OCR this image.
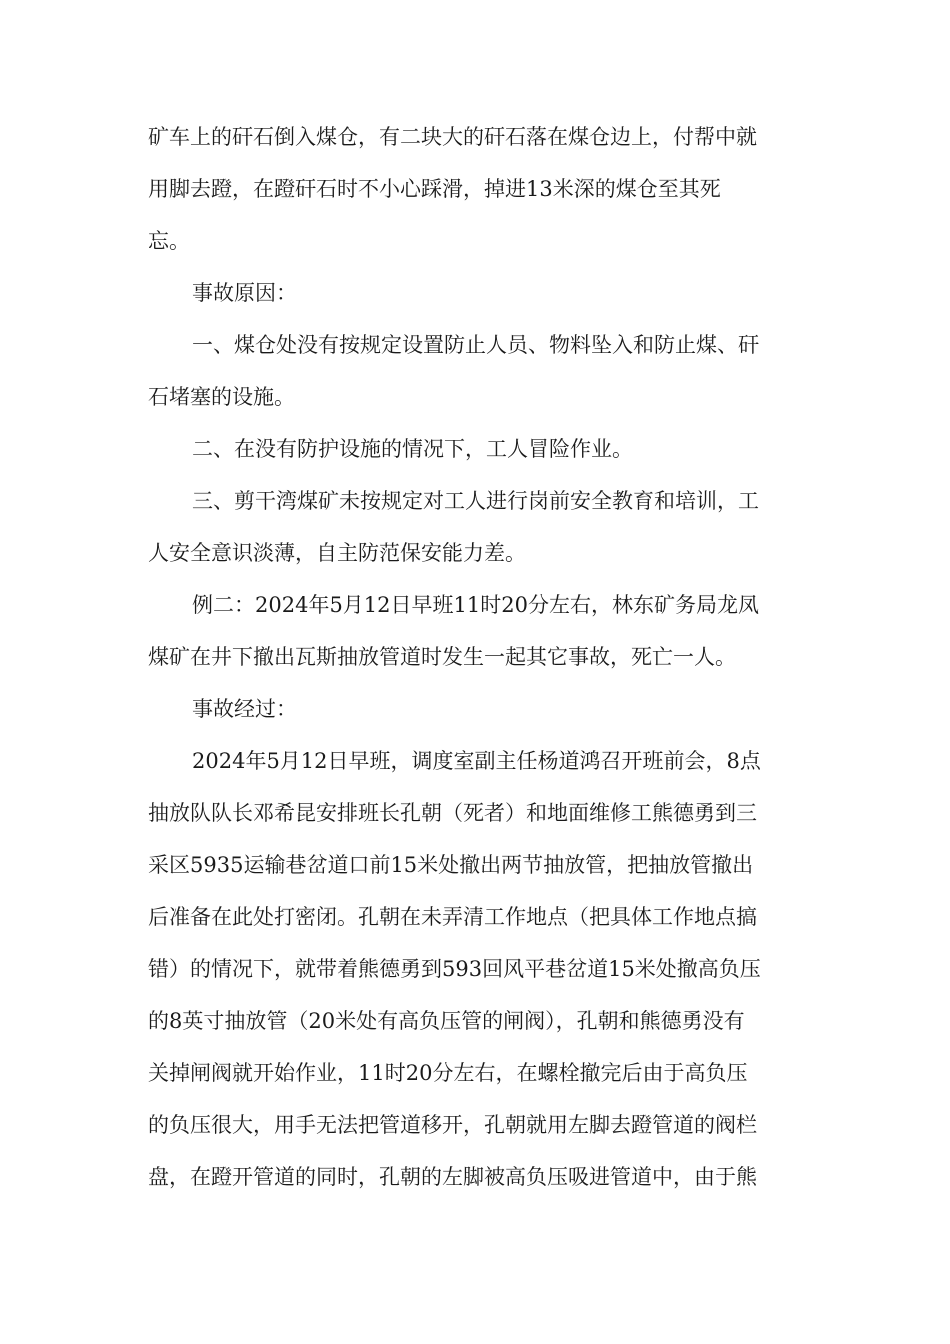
矿车上的矸石倒入煤仓，有二块大的矸石落在煤仓边上，付帮中就
用脚去蹬，在蹬矸石时不小心踩滑，掉进13米深的煤仓至其死
忘。
事故原因：
一、煤仓处没有按规定设置防止人员、物料坠入和防止煤、矸
石堵塞的设施。
二、在没有防护设施的情况下，工人冒险作业。
三、剪干湾煤矿未按规定对工人进行岗前安全教育和培训，工
人安全意识淡薄，自主防范保安能力差。
例二：2024年5月12日早班11时20分左右，林东矿务局龙凤
煤矿在井下撤出瓦斯抽放管道时发生一起其它事故，死亡一人。
事故经过：
2024年5月12日早班，调度室副主任杨道鸿召开班前会，8点
抽放队队长邓希昆安排班长孔朝（死者）和地面维修工熊德勇到三
采区5935运输巷岔道口前15米处撤出两节抽放管，把抽放管撤出
后准备在此处打密闭。孔朝在未弄清工作地点（把具体工作地点搞
错）的情况下，就带着熊德勇到593回风平巷岔道15米处撤高负压
的8英寸抽放管（20米处有高负压管的闸阀），孔朝和熊德勇没有
关掉闸阀就开始作业，11时20分左右，在螺栓撤完后由于高负压
的负压很大，用手无法把管道移开，孔朝就用左脚去蹬管道的阀栏
盘，在蹬开管道的同时，孔朝的左脚被高负压吸进管道中，由于熊
